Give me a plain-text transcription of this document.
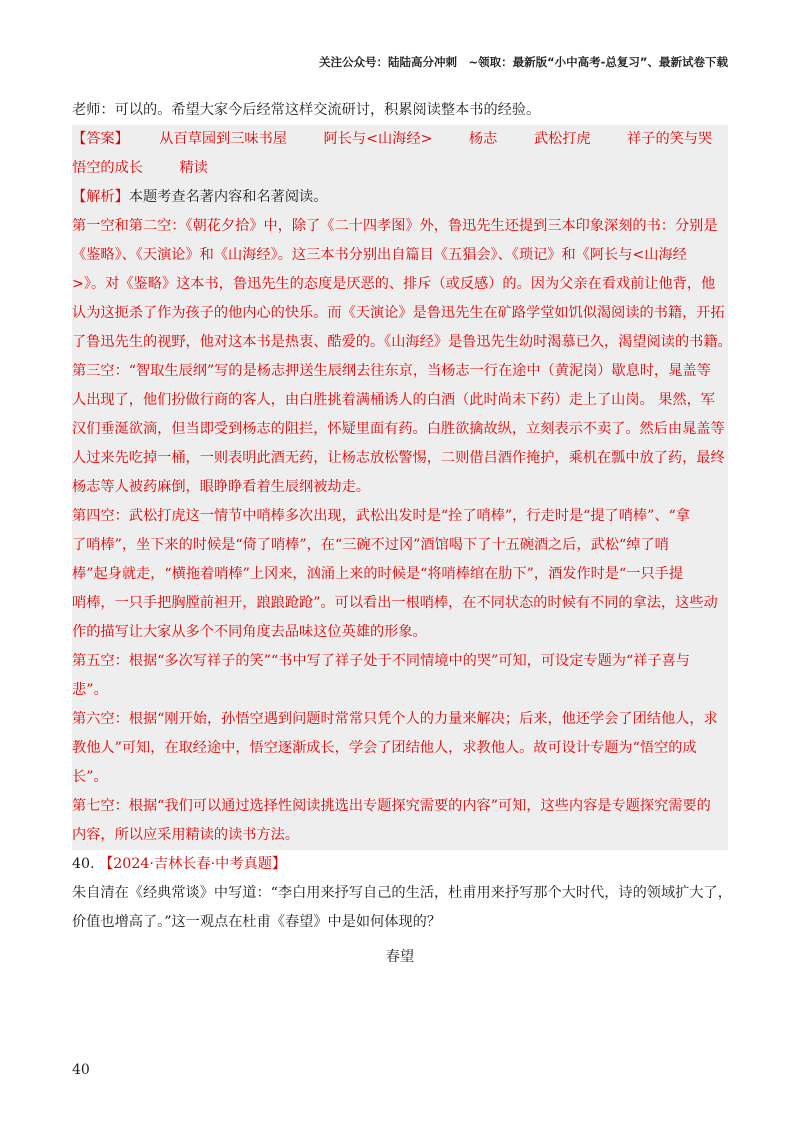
关注公众号：陆陆高分冲刺　~领取：最新版“小中高考-总复习”、最新试卷下载
老师：可以的。希望大家今后经常这样交流研讨，积累阅读整本书的经验。
【答案】 从百草园到三味书屋	阿长与<山海经>	杨志	武松打虎	祥子的笑与哭
悟空的成长	精读
【解析】本题考查名著内容和名著阅读。
第一空和第二空：《朝花夕拾》中，除了《二十四孝图》外，鲁迅先生还提到三本印象深刻的书：分别是
《鉴略》、《天演论》和《山海经》。这三本书分别出自篇目《五猖会》、《琐记》和《阿长与<山海经
>》。对《鉴略》这本书，鲁迅先生的态度是厌恶的、排斥（或反感）的。因为父亲在看戏前让他背，他
认为这扼杀了作为孩子的他内心的快乐。而《天演论》是鲁迅先生在矿路学堂如饥似渴阅读的书籍，开拓
了鲁迅先生的视野，他对这本书是热衷、酷爱的。《山海经》是鲁迅先生幼时渴慕已久，渴望阅读的书籍。
第三空：“智取生辰纲”写的是杨志押送生辰纲去往东京，当杨志一行在途中（黄泥岗）歇息时，晁盖等
人出现了，他们扮做行商的客人，由白胜挑着满桶诱人的白酒（此时尚未下药）走上了山岗。 果然，军
汉们垂涎欲滴，但当即受到杨志的阻拦，怀疑里面有药。白胜欲擒故纵，立刻表示不卖了。然后由晁盖等
人过来先吃掉一桶，一则表明此酒无药，让杨志放松警惕，二则借吕酒作掩护，乘机在瓢中放了药，最终
杨志等人被药麻倒，眼睁睁看着生辰纲被劫走。
第四空：武松打虎这一情节中哨棒多次出现，武松出发时是“拴了哨棒”，行走时是“提了哨棒”、“拿
了哨棒”，坐下来的时候是“倚了哨棒”，在“三碗不过冈”酒馆喝下了十五碗酒之后，武松“绰了哨
棒”起身就走，“横拖着哨棒”上冈来，汹涌上来的时候是“将哨棒绾在肋下”，酒发作时是“一只手提
哨棒，一只手把胸膛前袒开，踉踉跄跄”。可以看出一根哨棒，在不同状态的时候有不同的拿法，这些动
作的描写让大家从多个不同角度去品味这位英雄的形象。
第五空：根据“多次写祥子的笑”“书中写了祥子处于不同情境中的哭”可知，可设定专题为“祥子喜与
悲”。
第六空：根据“刚开始，孙悟空遇到问题时常常只凭个人的力量来解决；后来，他还学会了团结他人，求
教他人”可知，在取经途中，悟空逐渐成长，学会了团结他人，求教他人。故可设计专题为“悟空的成
长”。
第七空：根据“我们可以通过选择性阅读挑选出专题探究需要的内容”可知，这些内容是专题探究需要的
内容，所以应采用精读的读书方法。
40. 【2024·吉林长春·中考真题】
朱自清在《经典常谈》中写道：“李白用来抒写自己的生活，杜甫用来抒写那个大时代，诗的领域扩大了，
价值也增高了。”这一观点在杜甫《春望》中是如何体现的？
春望
40
